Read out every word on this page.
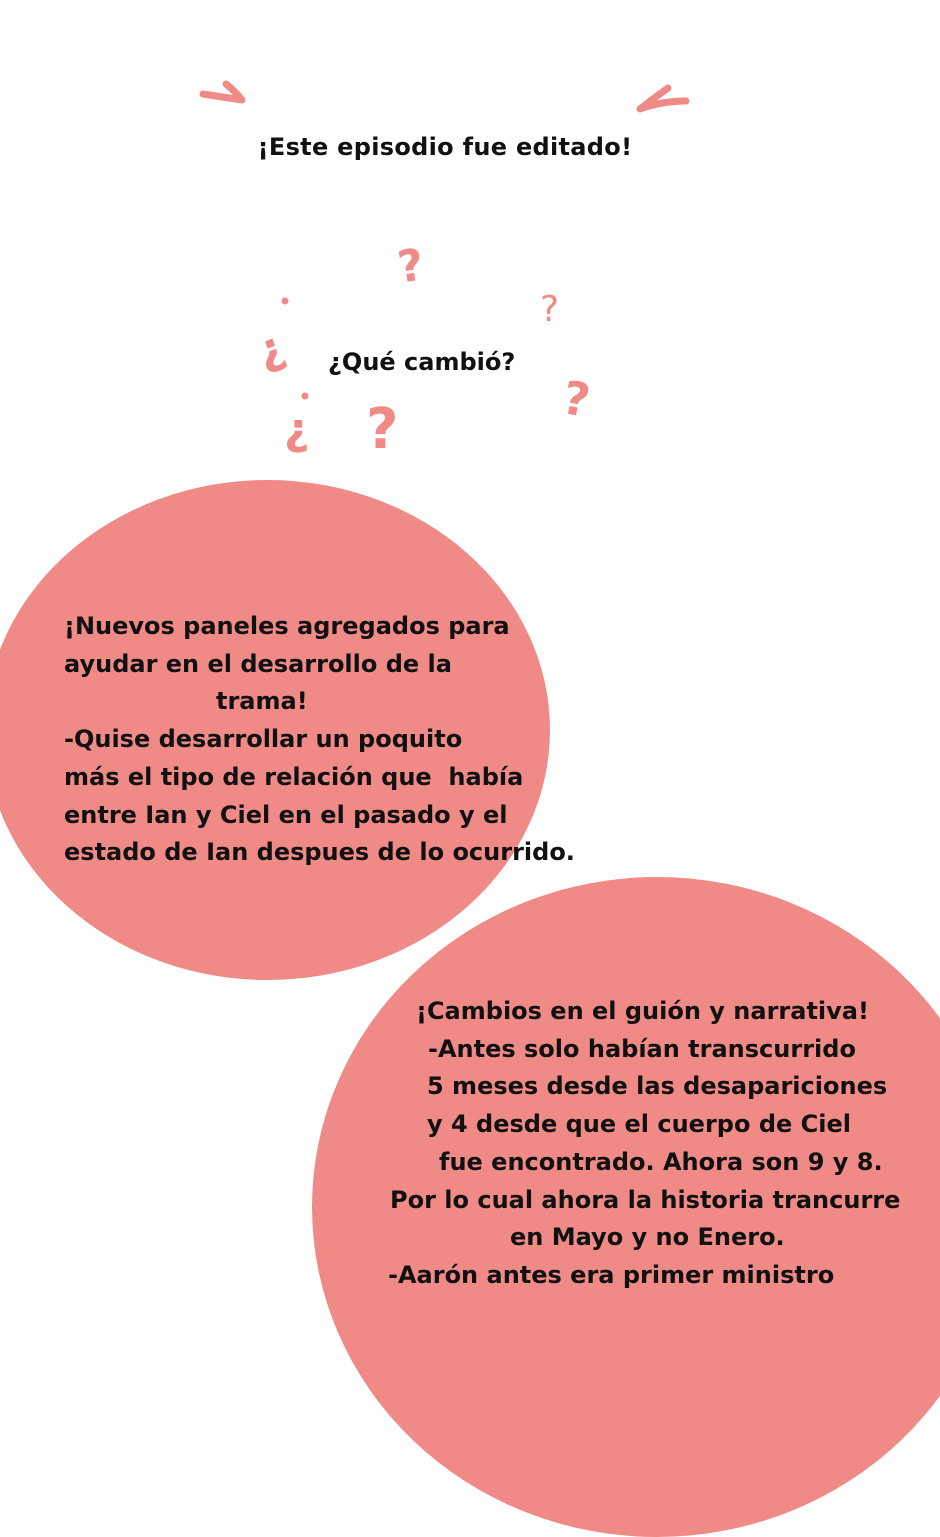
¡Este episodio fue editado!
?
?
?
¿
¿ ?
¿Qué cambió?
¡Nuevos paneles agregados para
ayudar en el desarrollo de la
trama!
-Quise desarrollar un poquito
más el tipo de relación que  había
entre Ian y Ciel en el pasado y el
estado de Ian despues de lo ocurrido.
¡Cambios en el guión y narrativa!
-Antes solo habían transcurrido
5 meses desde las desapariciones
y 4 desde que el cuerpo de Ciel
fue encontrado. Ahora son 9 y 8.
Por lo cual ahora la historia trancurre
en Mayo y no Enero.
-Aarón antes era primer ministro
